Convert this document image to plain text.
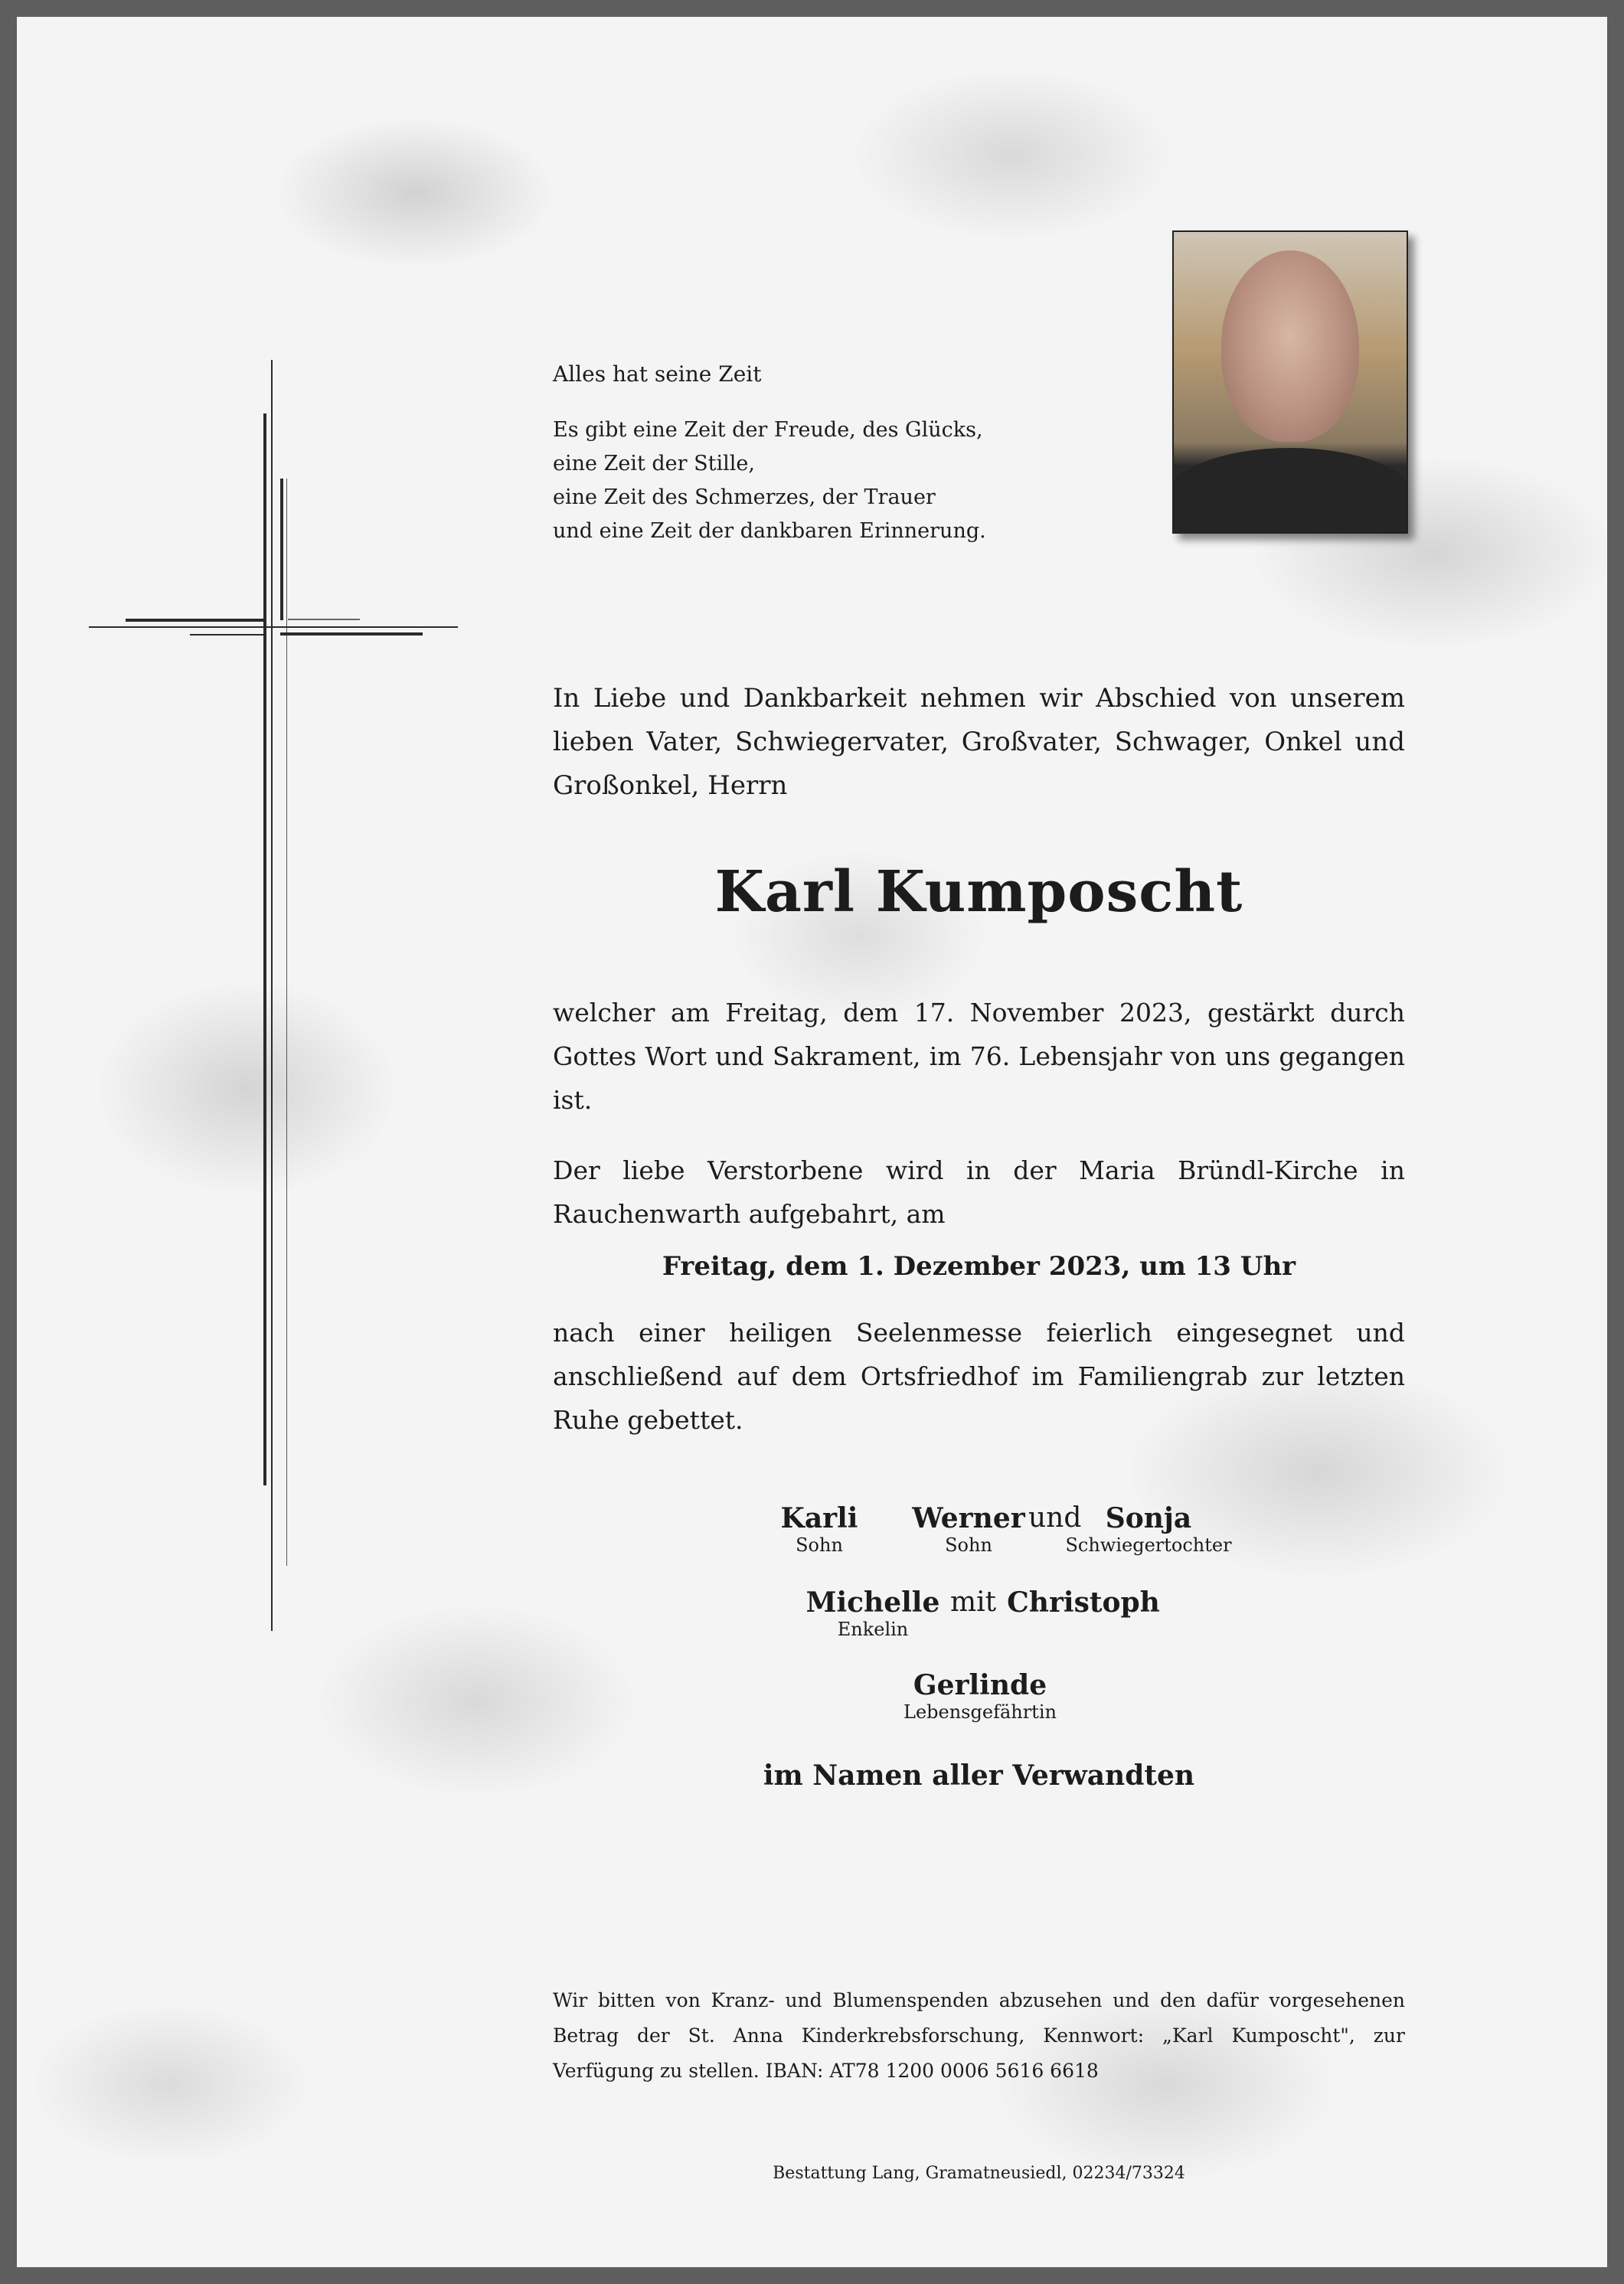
Alles hat seine Zeit

Es gibt eine Zeit der Freude, des Glücks,
eine Zeit der Stille,
eine Zeit des Schmerzes, der Trauer
und eine Zeit der dankbaren Erinnerung.

In Liebe und Dankbarkeit nehmen wir Abschied von unserem lieben Vater, Schwiegervater, Großvater, Schwager, Onkel und Großonkel, Herrn

Karl Kumposcht

welcher am Freitag, dem 17. November 2023, gestärkt durch Gottes Wort und Sakrament, im 76. Lebensjahr von uns gegangen ist.

Der liebe Verstorbene wird in der Maria Bründl-Kirche in Rauchenwarth aufgebahrt, am

Freitag, dem 1. Dezember 2023, um 13 Uhr

nach einer heiligen Seelenmesse feierlich eingesegnet und anschließend auf dem Ortsfriedhof im Familiengrab zur letzten Ruhe gebettet.

Karli
Sohn
Werner
Sohn
und Sonja
Schwiegertochter
Michelle
Enkelin
mit Christoph
Gerlinde
Lebensgefährtin

im Namen aller Verwandten

Wir bitten von Kranz- und Blumenspenden abzusehen und den dafür vorgesehenen Betrag der St. Anna Kinderkrebsforschung, Kennwort: „Karl Kumposcht", zur Verfügung zu stellen. IBAN: AT78 1200 0006 5616 6618

Bestattung Lang, Gramatneusiedl, 02234/73324
